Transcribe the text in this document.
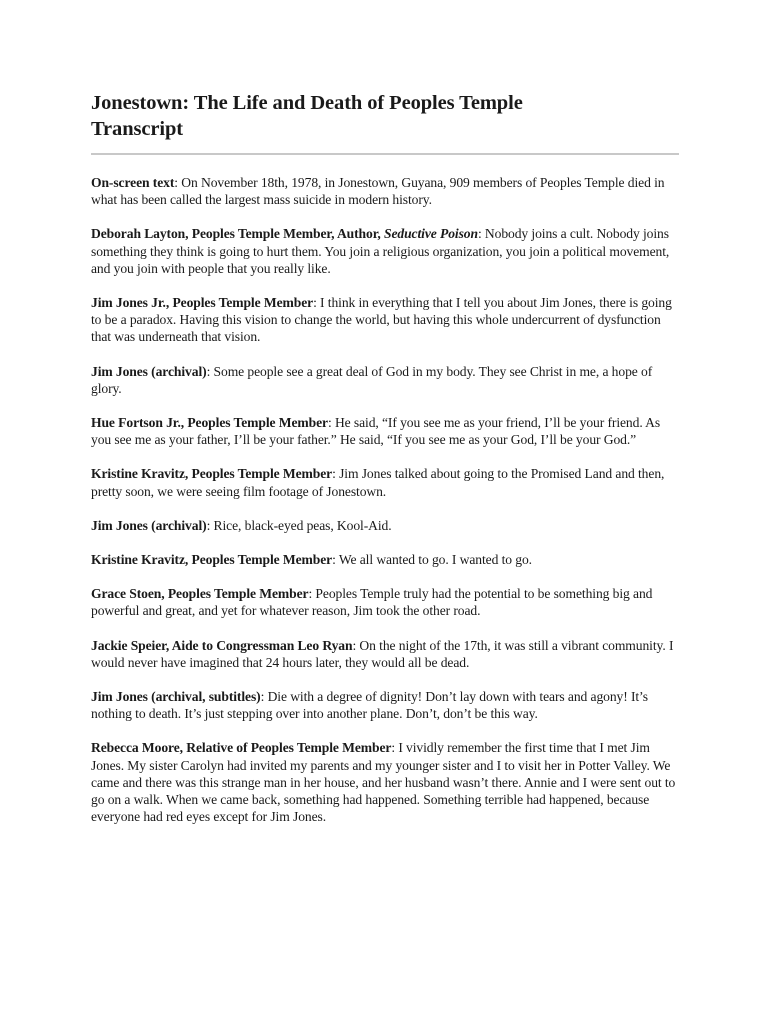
Jonestown: The Life and Death of Peoples Temple
Transcript

On-screen text: On November 18th, 1978, in Jonestown, Guyana, 909 members of Peoples Temple died in what has been called the largest mass suicide in modern history.

Deborah Layton, Peoples Temple Member, Author, Seductive Poison: Nobody joins a cult. Nobody joins something they think is going to hurt them. You join a religious organization, you join a political movement, and you join with people that you really like.

Jim Jones Jr., Peoples Temple Member: I think in everything that I tell you about Jim Jones, there is going to be a paradox. Having this vision to change the world, but having this whole undercurrent of dysfunction that was underneath that vision.

Jim Jones (archival): Some people see a great deal of God in my body. They see Christ in me, a hope of glory.

Hue Fortson Jr., Peoples Temple Member: He said, “If you see me as your friend, I’ll be your friend. As you see me as your father, I’ll be your father.” He said, “If you see me as your God, I’ll be your God.”

Kristine Kravitz, Peoples Temple Member: Jim Jones talked about going to the Promised Land and then, pretty soon, we were seeing film footage of Jonestown.

Jim Jones (archival): Rice, black-eyed peas, Kool-Aid.

Kristine Kravitz, Peoples Temple Member: We all wanted to go. I wanted to go.

Grace Stoen, Peoples Temple Member: Peoples Temple truly had the potential to be something big and powerful and great, and yet for whatever reason, Jim took the other road.

Jackie Speier, Aide to Congressman Leo Ryan: On the night of the 17th, it was still a vibrant community. I would never have imagined that 24 hours later, they would all be dead.

Jim Jones (archival, subtitles): Die with a degree of dignity! Don’t lay down with tears and agony! It’s nothing to death. It’s just stepping over into another plane. Don’t, don’t be this way.

Rebecca Moore, Relative of Peoples Temple Member: I vividly remember the first time that I met Jim Jones. My sister Carolyn had invited my parents and my younger sister and I to visit her in Potter Valley. We came and there was this strange man in her house, and her husband wasn’t there. Annie and I were sent out to go on a walk. When we came back, something had happened. Something terrible had happened, because everyone had red eyes except for Jim Jones.
